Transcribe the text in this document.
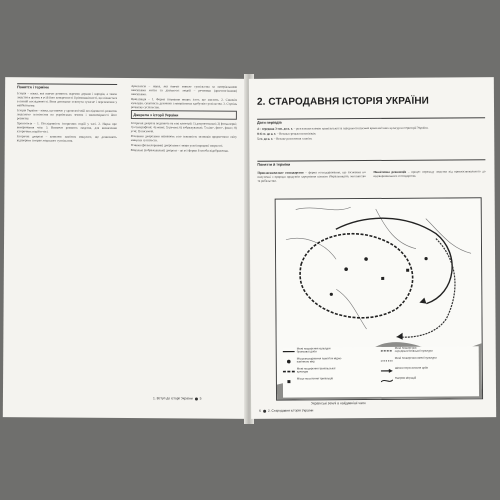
Поняття і терміни

Історія – наука, яка вивчає розвиток окремих держав і народів, а також людства в цілому в усій його конкретності й різноманітності, що пізнається в певній послідовності. Вона допомагає осягнути сучасне і перспективи у майбутньому.

Історія України – наука, що вивчає у хронологічній послідовності розвиток людського суспільства на українських землях і закономірності його розвитку.

Хронологія – 1. Послідовність історичних подій у часі. 2. Наука про вимірювання часу. 3. Визначає розвиток людства, для визначення історичних подій в часі.

Історичні джерела – комплекс пам'яток минулого, що дозволяють відтворити історію людського суспільства.

Археологія – наука, яка вивчає минуле суспільства за матеріальними пам'ятками життя та діяльності людей – речовими (археологічними) пам'ятками.

Цивілізація – 1. Форма існування вищих істот, що мислять. 2. Синонім культури, сукупність духовних і матеріальних здобутків суспільства. 3. Ступінь розвитку суспільства.

Джерела з історії України

Історичні джерела поділяють на такі категорії: 1) документальні; 2) фольклорні; 3) етнографічні; 4) мовні; 5) речові; 6) зображувальні; 7) кіно-, фото-, фоно-; 8) усні; 9) письмові.

Речовими джерелами називають усю сукупність залишків предметного світу минулих суспільств.

Усними (фольклорними) джерелами є твори усної народної творчості.

Візуальні (зображувальні) джерела – це усі форми й засоби відображення.

1. Вступ до історії України 5
2. СТАРОДАВНЯ ІСТОРІЯ УКРАЇНИ
Дати періодів

4 – середина 3 тис. до н. е. – розселення племен трипільської та середньостогівської археологічних культур на території України.

8–6 ст. до н. е. – Велика грецька колонізація.

5 ст. до н. е. – Велике розселення слов'ян.

Поняття й терміни
Привласнювальне господарство – форма господарювання, що заснована на вилученні з природи продуктів харчування шляхом збиральництва, мисливства та рибальства.
Неолітична революція – процес переходу людства від привласнювального до відтворювального господарства.
Межі поширення культури бронзової доби
Межі поширення середньостогівської культури
Місцезнаходження пам'яток мідно-кам'яного віку
Межі поширення ямної культури
Межі поширення трипільської культури
Шляхи переселення аріїв
Місце поселення трипільців	Напрям міграцій
Українські землі в найдавніші часи
6 2. Стародавня історія України
